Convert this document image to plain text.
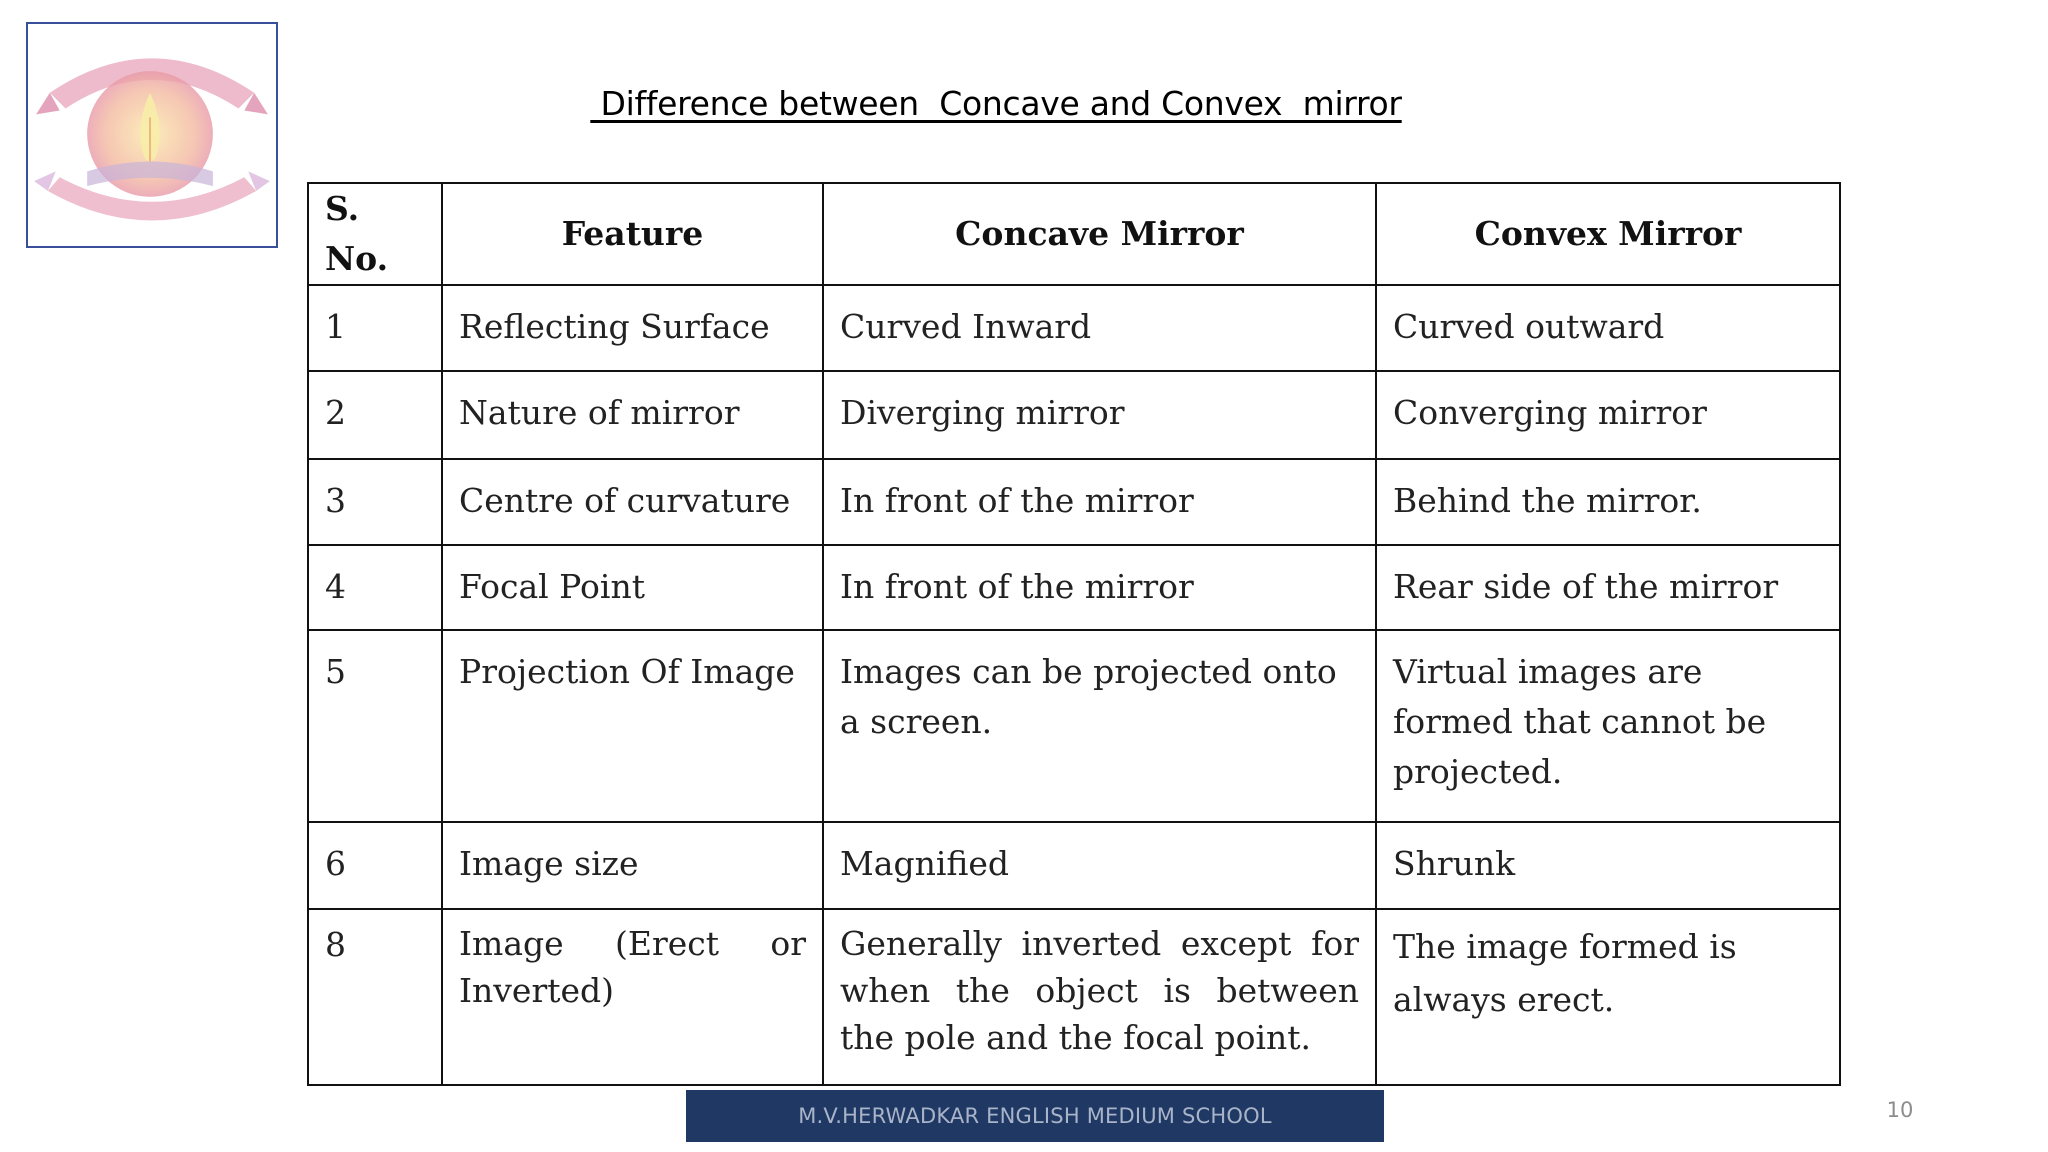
Difference between  Concave and Convex  mirror
S. No.	Feature	Concave Mirror	Convex Mirror
1	Reflecting Surface	Curved Inward	Curved outward
2	Nature of mirror	Diverging mirror	Converging mirror
3	Centre of curvature	In front of the mirror	Behind the mirror.
4	Focal Point	In front of the mirror	Rear side of the mirror
5	Projection Of Image	Images can be projected onto a screen.	Virtual images are formed that cannot be projected.
6	Image size	Magnified	Shrunk
8	Image (Erect or Inverted)	Generally inverted except for when the object is between the pole and the focal point.	The image formed is always erect.
M.V.HERWADKAR ENGLISH MEDIUM SCHOOL	10
